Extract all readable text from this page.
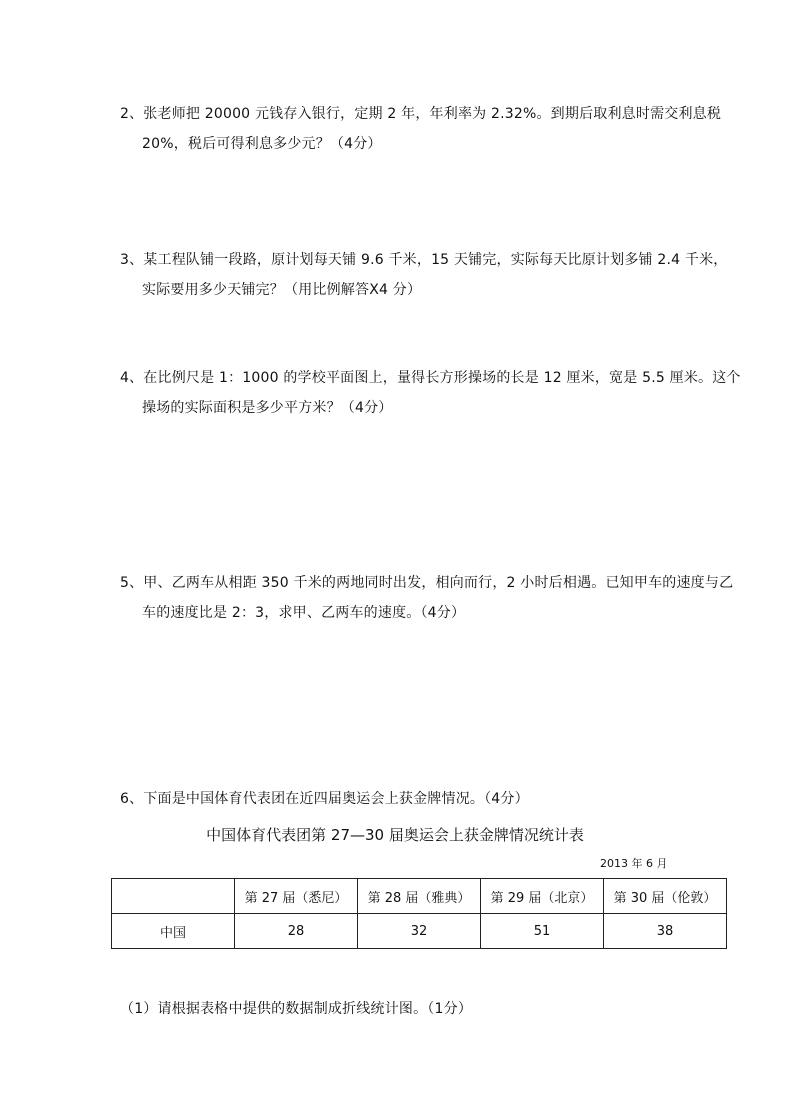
2、张老师把 20000 元钱存入银行，定期 2 年，年利率为 2.32%。到期后取利息时需交利息税
20%，税后可得利息多少元？（4分）
3、某工程队铺一段路，原计划每天铺 9.6 千米，15 天铺完，实际每天比原计划多铺 2.4 千米，
实际要用多少天铺完？（用比例解答X4 分）
4、在比例尺是 1：1000 的学校平面图上，量得长方形操场的长是 12 厘米，宽是 5.5 厘米。这个
操场的实际面积是多少平方米？（4分）
5、甲、乙两车从相距 350 千米的两地同时出发，相向而行，2 小时后相遇。已知甲车的速度与乙
车的速度比是 2：3，求甲、乙两车的速度。（4分）
6、下面是中国体育代表团在近四届奥运会上获金牌情况。（4分）
中国体育代表团第 27—30 届奥运会上获金牌情况统计表
2013 年 6 月
	第 27 届（悉尼）	第 28 届（雅典）	第 29 届（北京）	第 30 届（伦敦）
中国	28	32	51	38
（1）请根据表格中提供的数据制成折线统计图。（1分）
